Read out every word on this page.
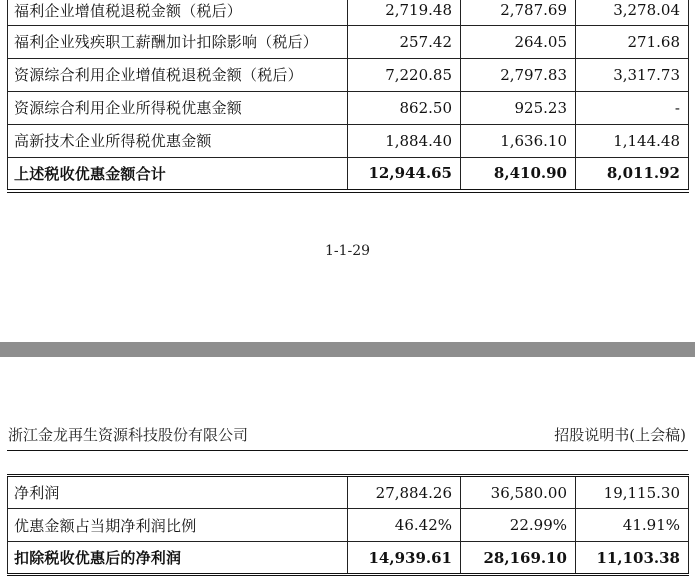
福利企业增值税退税金额（税后）	2,719.48	2,787.69	3,278.04
福利企业残疾职工薪酬加计扣除影响（税后）	257.42	264.05	271.68
资源综合利用企业增值税退税金额（税后）	7,220.85	2,797.83	3,317.73
资源综合利用企业所得税优惠金额	862.50	925.23	-
高新技术企业所得税优惠金额	1,884.40	1,636.10	1,144.48
上述税收优惠金额合计	12,944.65	8,410.90	8,011.92
1-1-29
浙江金龙再生资源科技股份有限公司	招股说明书(上会稿)
净利润	27,884.26	36,580.00	19,115.30
优惠金额占当期净利润比例	46.42%	22.99%	41.91%
扣除税收优惠后的净利润	14,939.61	28,169.10	11,103.38
